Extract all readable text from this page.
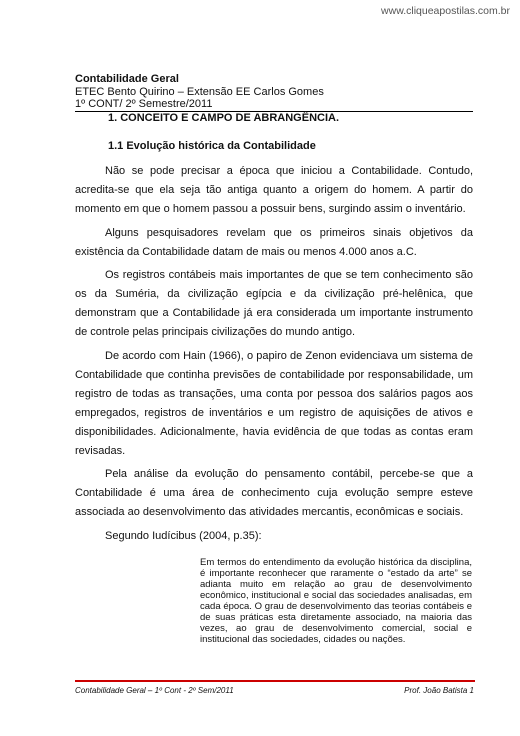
www.cliqueapostilas.com.br
Contabilidade Geral
ETEC Bento Quirino – Extensão EE Carlos Gomes
1º CONT/ 2º Semestre/2011
1. CONCEITO E CAMPO DE ABRANGÊNCIA.
1.1 Evolução histórica da Contabilidade
Não se pode precisar a época que iniciou a Contabilidade. Contudo, acredita-se que ela seja tão antiga quanto a origem do homem. A partir do momento em que o homem passou a possuir bens, surgindo assim o inventário.
Alguns pesquisadores revelam que os primeiros sinais objetivos da existência da Contabilidade datam de mais ou menos 4.000 anos a.C.
Os registros contábeis mais importantes de que se tem conhecimento são os da Suméria, da civilização egípcia e da civilização pré-helênica, que demonstram que a Contabilidade já era considerada um importante instrumento de controle pelas principais civilizações do mundo antigo.
De acordo com Hain (1966), o papiro de Zenon evidenciava um sistema de Contabilidade que continha previsões de contabilidade por responsabilidade, um registro de todas as transações, uma conta por pessoa dos salários pagos aos empregados, registros de inventários e um registro de aquisições de ativos e disponibilidades. Adicionalmente, havia evidência de que todas as contas eram revisadas.
Pela análise da evolução do pensamento contábil, percebe-se que a Contabilidade é uma área de conhecimento cuja evolução sempre esteve associada ao desenvolvimento das atividades mercantis, econômicas e sociais.
Segundo Iudícibus (2004, p.35):
Em termos do entendimento da evolução histórica da disciplina, é importante reconhecer que raramente o “estado da arte” se adianta muito em relação ao grau de desenvolvimento econômico, institucional e social das sociedades analisadas, em cada época. O grau de desenvolvimento das teorias contábeis e de suas práticas esta diretamente associado, na maioria das vezes, ao grau de desenvolvimento comercial, social e institucional das sociedades, cidades ou nações.
Contabilidade Geral – 1º Cont - 2º Sem/2011	Prof. João Batista 1
